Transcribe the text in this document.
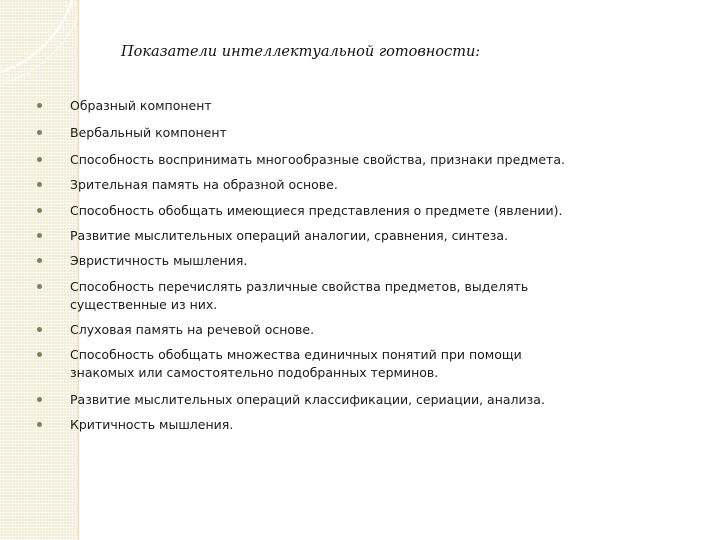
Показатели интеллектуальной готовности:
Образный компонент
Вербальный компонент
Способность воспринимать многообразные свойства, признаки предмета.
Зрительная память на образной основе.
Способность обобщать имеющиеся представления о предмете (явлении).
Развитие мыслительных операций аналогии, сравнения, синтеза.
Эвристичность мышления.
Способность перечислять различные свойства предметов, выделять
существенные из них.
Слуховая память на речевой основе.
Способность обобщать множества единичных понятий при помощи
знакомых или самостоятельно подобранных терминов.
Развитие мыслительных операций классификации, сериации, анализа.
Критичность мышления.
